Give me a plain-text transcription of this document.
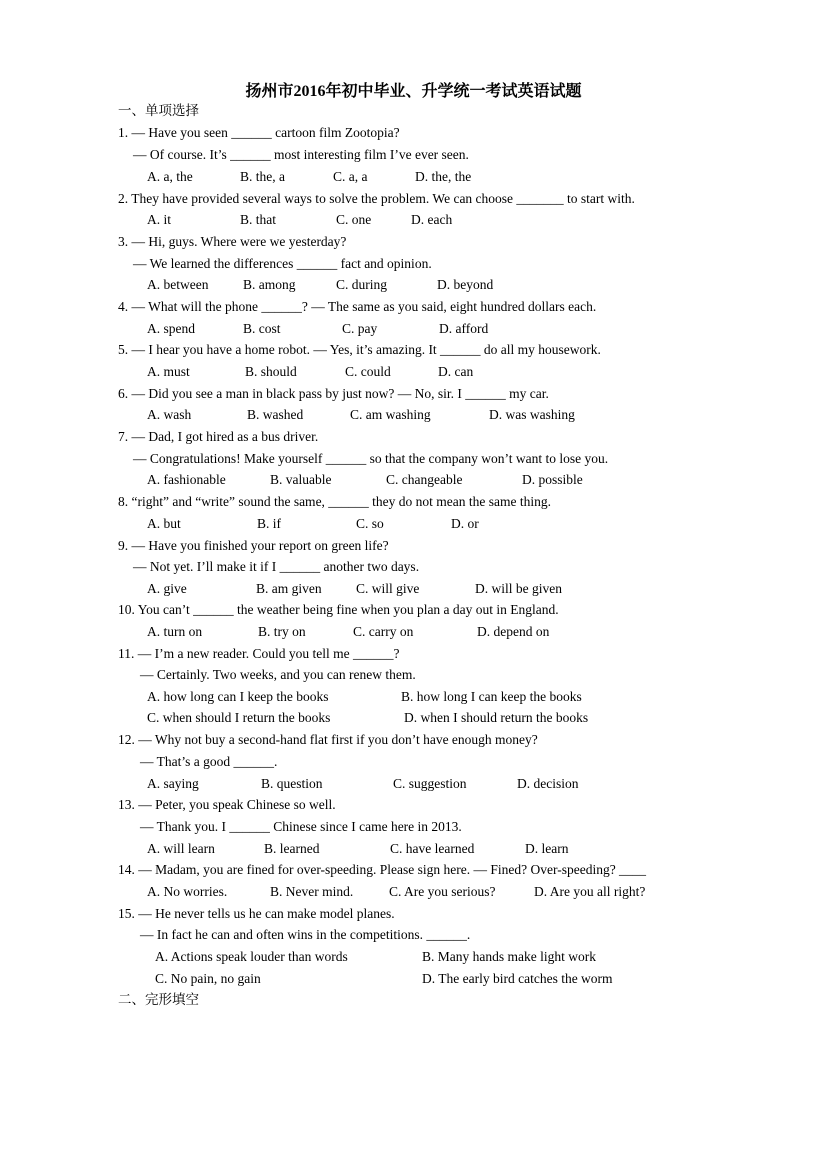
扬州市2016年初中毕业、升学统一考试英语试题
一、单项选择
1. — Have you seen ______ cartoon film Zootopia?
— Of course. It’s ______ most interesting film I’ve ever seen.
A. a, the	B. the, a	C. a, a	D. the, the
2. They have provided several ways to solve the problem. We can choose _______ to start with.
A. it	B. that	C. one	D. each
3. — Hi, guys. Where were we yesterday?
— We learned the differences ______ fact and opinion.
A. between	B. among	C. during	D. beyond
4. — What will the phone ______? — The same as you said, eight hundred dollars each.
A. spend	B. cost	C. pay	D. afford
5. — I hear you have a home robot. — Yes, it’s amazing. It ______ do all my housework.
A. must	B. should	C. could	D. can
6. — Did you see a man in black pass by just now? — No, sir. I ______ my car.
A. wash	B. washed	C. am washing	D. was washing
7. — Dad, I got hired as a bus driver.
— Congratulations! Make yourself ______ so that the company won’t want to lose you.
A. fashionable	B. valuable	C. changeable	D. possible
8. “right” and “write” sound the same, ______ they do not mean the same thing.
A. but	B. if	C. so	D. or
9. — Have you finished your report on green life?
— Not yet. I’ll make it if I ______ another two days.
A. give	B. am given	C. will give	D. will be given
10. You can’t ______ the weather being fine when you plan a day out in England.
A. turn on	B. try on	C. carry on	D. depend on
11. — I’m a new reader. Could you tell me ______?
— Certainly. Two weeks, and you can renew them.
A. how long can I keep the books	B. how long I can keep the books
C. when should I return the books	D. when I should return the books
12. — Why not buy a second-hand flat first if you don’t have enough money?
— That’s a good ______.
A. saying	B. question	C. suggestion	D. decision
13. — Peter, you speak Chinese so well.
— Thank you. I ______ Chinese since I came here in 2013.
A. will learn	B. learned	C. have learned	D. learn
14. — Madam, you are fined for over-speeding. Please sign here. — Fined? Over-speeding? ____
A. No worries.	B. Never mind.	C. Are you serious?	D. Are you all right?
15. — He never tells us he can make model planes.
— In fact he can and often wins in the competitions. ______.
A. Actions speak louder than words	B. Many hands make light work
C. No pain, no gain	D. The early bird catches the worm
二、完形填空
